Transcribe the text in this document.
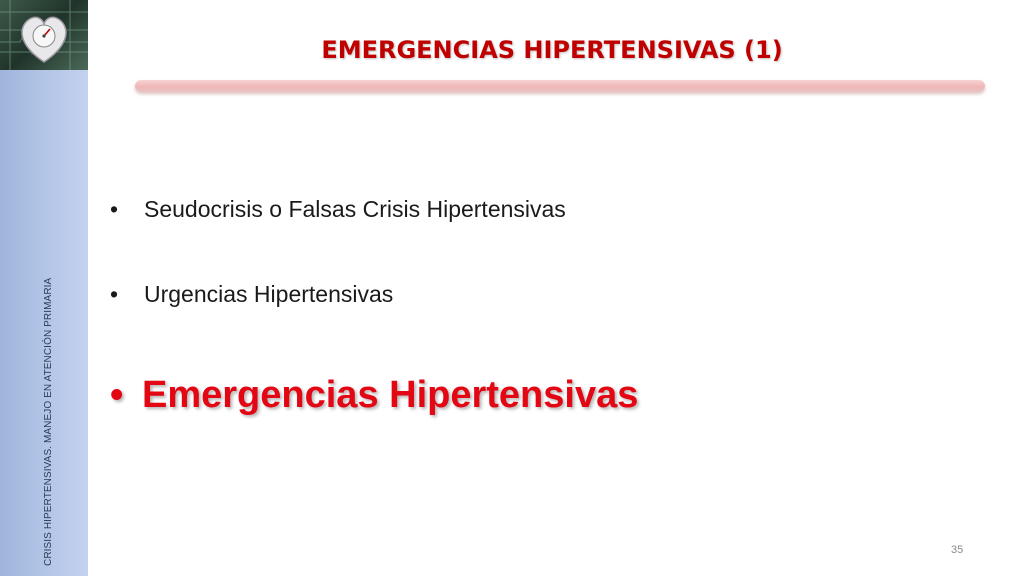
CRISIS HIPERTENSIVAS. MANEJO EN ATENCIÓN PRIMARIA
EMERGENCIAS HIPERTENSIVAS (1)
• Seudocrisis o Falsas Crisis Hipertensivas
• Urgencias Hipertensivas
• Emergencias Hipertensivas
35
